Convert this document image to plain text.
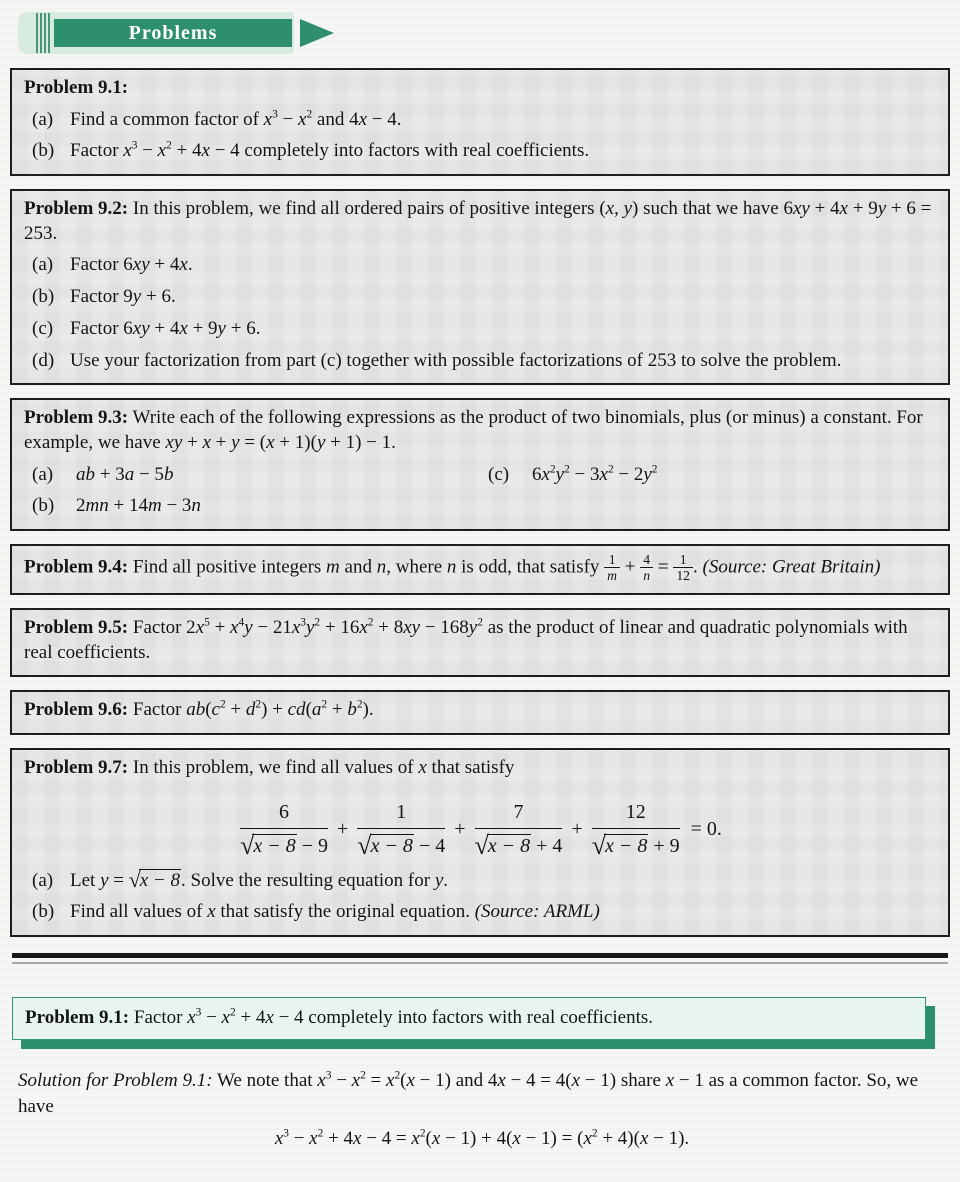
Problems
Problem 9.1:
(a) Find a common factor of $x^3 - x^2$ and 4x − 4.
(b) Factor $x^3 - x^2 + 4x - 4$ completely into factors with real coefficients.
Problem 9.2: In this problem, we find all ordered pairs of positive integers (x, y) such that we have 6xy + 4x + 9y + 6 = 253.
(a) Factor 6xy + 4x.
(b) Factor 9y + 6.
(c) Factor 6xy + 4x + 9y + 6.
(d) Use your factorization from part (c) together with possible factorizations of 253 to solve the problem.
Problem 9.3: Write each of the following expressions as the product of two binomials, plus (or minus) a constant. For example, we have xy + x + y = (x + 1)(y + 1) − 1.
(a)	ab + 3a − 5b
(b)	2mn + 14m − 3n
(c)	$6x^2y^2 - 3x^2 - 2y^2$
Problem 9.4: Find all positive integers m and n, where n is odd, that satisfy $\frac{1}{m} + \frac{4}{n} = \frac{1}{12}$ . (Source: Great Britain)
Problem 9.5: Factor $2x^5 + x^4y - 21x^3y^2 + 16x^2 + 8xy - 168y^2$ as the product of linear and quadratic polynomials with real coefficients.
Problem 9.6: Factor $ab(c^2 + d^2) + cd(a^2 + b^2)$.
Problem 9.7: In this problem, we find all values of x that satisfy
$\frac{6}{√x - 8 - 9} + \frac{1}{√x - 8 - 4} + \frac{7}{√x - 8 + 4} + \frac{12}{√x - 8 + 9} = 0$.
(a) Let y = √x − 8. Solve the resulting equation for y.
(b) Find all values of x that satisfy the original equation. (Source: ARML)
Problem 9.1: Factor $x^3 - x^2 + 4x - 4$ completely into factors with real coefficients.
Solution for Problem 9.1: We note that $x^3 - x^2 = x^2(x - 1)$ and 4x − 4 = 4(x − 1) share x − 1 as a common factor. So, we have
$x^3 - x^2 + 4x - 4 = x^2(x - 1) + 4(x - 1) = (x^2 + 4)(x - 1)$.
